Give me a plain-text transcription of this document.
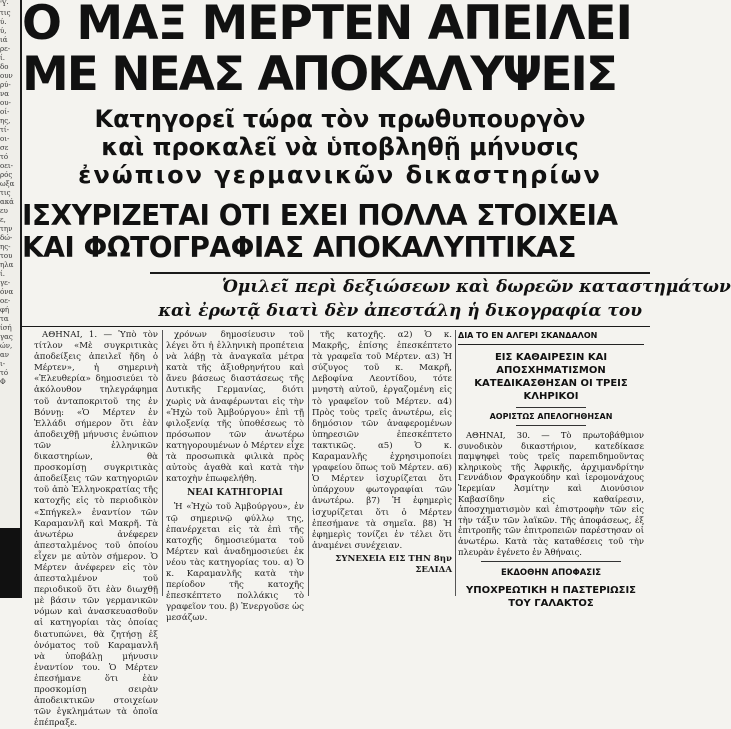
'Υ·
τις
ύ.
ύ,
ιά
ρε-
ί.
δο
ουν
ρύ-
να
ου-
οί-
ης,
τί-
οι-
σε
τό
οει-
ρός
ωξα
τις
ακά
ευ
ε,
την
δώ-
ης-
του
ηλα
ί.
γε-
όνα
οε-
φή
τα
ίσή
γας
ών,
αν
ι-
τό
Φ
Ο ΜΑΞ ΜΕΡΤΕΝ ΑΠΕΙΛΕΙ
ΜΕ ΝΕΑΣ ΑΠΟΚΑΛΥΨΕΙΣ
Κατηγορεῖ τώρα τὸν πρωθυπουργὸν
καὶ προκαλεῖ νὰ ὑποβληθῇ μήνυσις
ἐνώπιον γερμανικῶν δικαστηρίων
ΙΣΧΥΡΙΖΕΤΑΙ ΟΤΙ ΕΧΕΙ ΠΟΛΛΑ ΣΤΟΙΧΕΙΑ
ΚΑΙ ΦΩΤΟΓΡΑΦΙΑΣ ΑΠΟΚΑΛΥΠΤΙΚΑΣ
Ὁμιλεῖ περὶ δεξιώσεων καὶ δωρεῶν καταστημάτων
καὶ ἐρωτᾷ διατὶ δὲν ἀπεστάλη ἡ δικογραφία του

ΑΘΗΝΑΙ, 1. — Ὑπὸ τὸν τίτλον «Μὲ συγκριτικὰς ἀποδείξεις ἀπειλεῖ ἤδη ὁ Μέρτεν», ἡ σημερινὴ «Ἐλευθερία» δημοσιεύει τὸ ἀκόλουθον τηλεγράφημα τοῦ ἀνταποκριτοῦ της ἐν Βόννῃ: «Ὁ Μέρτεν ἐν Ἑλλάδι σήμερον ὅτι ἐὰν ἀποδειχθῇ μήνυσις ἐνώπιον τῶν ἑλληνικῶν δικαστηρίων, θὰ προσκομίσῃ συγκριτικὰς ἀποδείξεις τῶν κατηγοριῶν τοῦ ἀπὸ Ἑλληνοκρατίας τῆς κατοχῆς εἰς τὸ περιοδικὸν «Σπήγκελ» ἐναντίον τῶν Καραμανλῆ καὶ Μακρῆ. Τὰ ἀνωτέρω ἀνέφερεν ἀπεσταλμένος τοῦ ὁποίου εἶχεν με αὐτὸν σήμερον. Ὁ Μέρτεν ἀνέφερεν εἰς τὸν ἀπεσταλμένον τοῦ περιοδικοῦ ὅτι ἐὰν διωχθῇ μὲ βάσιν τῶν γερμανικῶν νόμων καὶ ἀνασκευασθοῦν αἱ κατηγορίαι τὰς ὁποίας διατυπώνει, θὰ ζητήσῃ ἐξ ὀνόματος τοῦ Καραμανλῆ νὰ ὑποβάλῃ μήνυσιν ἐναντίον του. Ὁ Μέρτεν ἐπεσήμανε ὅτι ἐὰν προσκομίσῃ σειρὰν ἀποδεικτικῶν στοιχείων τῶν ἐγκλημάτων τὰ ὁποῖα ἐπέπραξε.

χρόνων δημοσίευσιν τοῦ λέγει ὅτι ἡ ἑλληνικὴ προπέτεια νὰ λάβῃ τὰ ἀναγκαῖα μέτρα κατὰ τῆς ἀξιοθρηνήτου καὶ ἄνευ βάσεως διαστάσεως τῆς Δυτικῆς Γερμανίας, διότι χωρὶς νὰ ἀναφέρωνται εἰς τὴν «Ἠχὼ τοῦ Ἀμβούργου» ἐπὶ τῇ φιλοξενίᾳ τῆς ὑποθέσεως τὸ πρόσωπον τῶν ἀνωτέρω κατηγορουμένων ὁ Μέρτεν εἶχε τὰ προσωπικὰ φιλικὰ πρὸς αὐτοὺς ἀγαθὰ καὶ κατὰ τὴν κατοχὴν ἐπωφελήθη.

ΝΕΑΙ ΚΑΤΗΓΟΡΙΑΙ

Ἡ «Ἠχὼ τοῦ Ἀμβούργου», ἐν τῷ σημερινῷ φύλλῳ της, ἐπανέρχεται εἰς τὰ ἐπὶ τῆς κατοχῆς δημοσιεύματα τοῦ Μέρτεν καὶ ἀναδημοσιεύει ἐκ νέου τὰς κατηγορίας του. α) Ὁ κ. Καραμανλῆς κατὰ τὴν περίοδον τῆς κατοχῆς ἐπεσκέπτετο πολλάκις τὸ γραφεῖον του. β) Ἐνεργοῦσε ὡς μεσάζων.

τῆς κατοχῆς. α2) Ὁ κ. Μακρῆς, ἐπίσης ἐπεσκέπτετο τὰ γραφεῖα τοῦ Μέρτεν. α3) Ἡ σύζυγος τοῦ κ. Μακρῆ, Δεβοφίνα Λεοντίδου, τότε μνηστὴ αὐτοῦ, ἐργαζομένη εἰς τὸ γραφεῖον τοῦ Μέρτεν. α4) Πρὸς τοὺς τρεῖς ἀνωτέρω, εἰς δημόσιον τῶν ἀναφερομένων ὑπηρεσιῶν ἐπεσκέπτετο τακτικῶς. α5) Ὁ κ. Καραμανλῆς ἐχρησιμοποίει γραφείου ὅπως τοῦ Μέρτεν. α6) Ὁ Μέρτεν ἰσχυρίζεται ὅτι ὑπάρχουν φωτογραφίαι τῶν ἀνωτέρω. β7) Ἡ ἐφημερὶς ἰσχυρίζεται ὅτι ὁ Μέρτεν ἐπεσήμανε τὰ σημεῖα. β8) Ἡ ἐφημερὶς τονίζει ἐν τέλει ὅτι ἀναμένει συνέχειαν.

ΣΥΝΕΧΕΙΑ ΕΙΣ ΤΗΝ 8ην ΣΕΛΙΔΑ

ΔΙΑ ΤΟ ΕΝ ΑΛΓΕΡΙ ΣΚΑΝΔΑΛΟΝ
ΕΙΣ ΚΑΘΑΙΡΕΣΙΝ ΚΑΙ ΑΠΟΣΧΗΜΑΤΙΣΜΟΝ ΚΑΤΕΔΙΚΑΣΘΗΣΑΝ ΟΙ ΤΡΕΙΣ ΚΛΗΡΙΚΟΙ
ΑΟΡΙΣΤΩΣ ΑΠΕΛΟΓΗΘΗΣΑΝ

ΑΘΗΝΑΙ, 30. — Τὸ πρωτοβάθμιον συνοδικὸν δικαστήριον, κατεδίκασε παμψηφεὶ τοὺς τρεῖς παρεπιδημοῦντας κληρικοὺς τῆς Ἀφρικῆς, ἀρχιμανδρίτην Γεννάδιον Φραγκούδην καὶ ἱερομονάχους Ἱερεμίαν Ἀσμίτην καὶ Διονύσιον Καβασίδην εἰς καθαίρεσιν, ἀποσχηματισμὸν καὶ ἐπιστροφὴν τῶν εἰς τὴν τάξιν τῶν λαϊκῶν. Τῆς ἀποφάσεως, ἐξ ἐπιτροπῆς τῶν ἐπιτροπειῶν παρέστησαν οἱ ἀνωτέρω. Κατὰ τὰς καταθέσεις τοῦ τὴν πλευρὰν ἐγένετο ἐν Ἀθήναις.

ΕΚΔΟΘΗΝ ΑΠΟΦΑΣΙΣ
ΥΠΟΧΡΕΩΤΙΚΗ Η ΠΑΣΤΕΡΙΩΣΙΣ ΤΟΥ ΓΑΛΑΚΤΟΣ
